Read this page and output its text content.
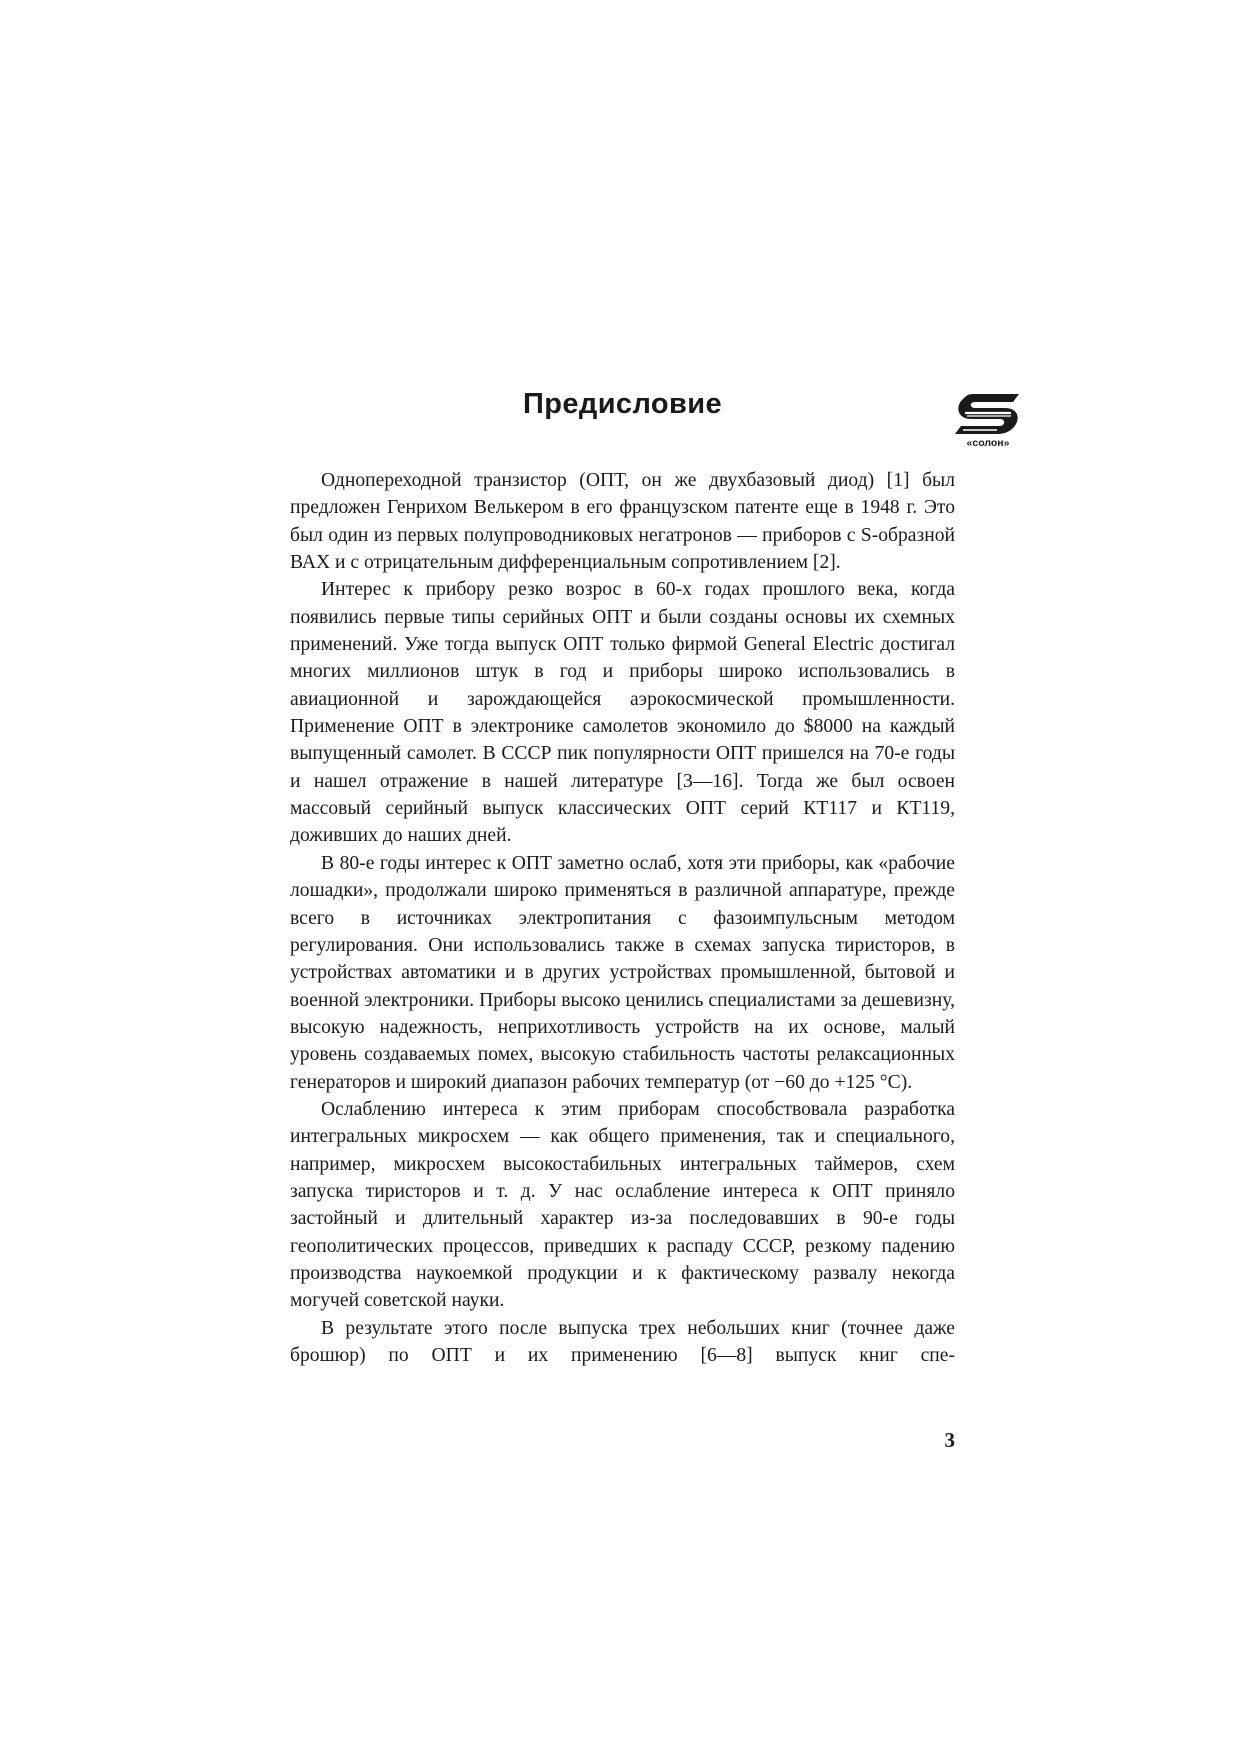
Предисловие
«солон»

Однопереходной транзистор (ОПТ, он же двухбазовый диод) [1] был предложен Генрихом Велькером в его французском патенте еще в 1948 г. Это был один из первых полупроводниковых негатронов — приборов с S-образной ВАХ и с отрицательным дифференциальным сопротивлением [2].

Интерес к прибору резко возрос в 60-х годах прошлого века, когда появились первые типы серийных ОПТ и были созданы основы их схемных применений. Уже тогда выпуск ОПТ только фирмой General Electric достигал многих миллионов штук в год и приборы широко использовались в авиационной и зарождающейся аэрокосмической промышленности. Применение ОПТ в электронике самолетов экономило до $8000 на каждый выпущенный самолет. В СССР пик популярности ОПТ пришелся на 70-е годы и нашел отражение в нашей литературе [3—16]. Тогда же был освоен массовый серийный выпуск классических ОПТ серий КТ117 и КТ119, доживших до наших дней.

В 80-е годы интерес к ОПТ заметно ослаб, хотя эти приборы, как «рабочие лошадки», продолжали широко применяться в различной аппаратуре, прежде всего в источниках электропитания с фазоимпульсным методом регулирования. Они использовались также в схемах запуска тиристоров, в устройствах автоматики и в других устройствах промышленной, бытовой и военной электроники. Приборы высоко ценились специалистами за дешевизну, высокую надежность, неприхотливость устройств на их основе, малый уровень создаваемых помех, высокую стабильность частоты релаксационных генераторов и широкий диапазон рабочих температур (от −60 до +125 °С).

Ослаблению интереса к этим приборам способствовала разработка интегральных микросхем — как общего применения, так и специального, например, микросхем высокостабильных интегральных таймеров, схем запуска тиристоров и т. д. У нас ослабление интереса к ОПТ приняло застойный и длительный характер из-за последовавших в 90-е годы геополитических процессов, приведших к распаду СССР, резкому падению производства наукоемкой продукции и к фактическому развалу некогда могучей советской науки.

В результате этого после выпуска трех небольших книг (точнее даже брошюр) по ОПТ и их применению [6—8] выпуск книг спе-

3
